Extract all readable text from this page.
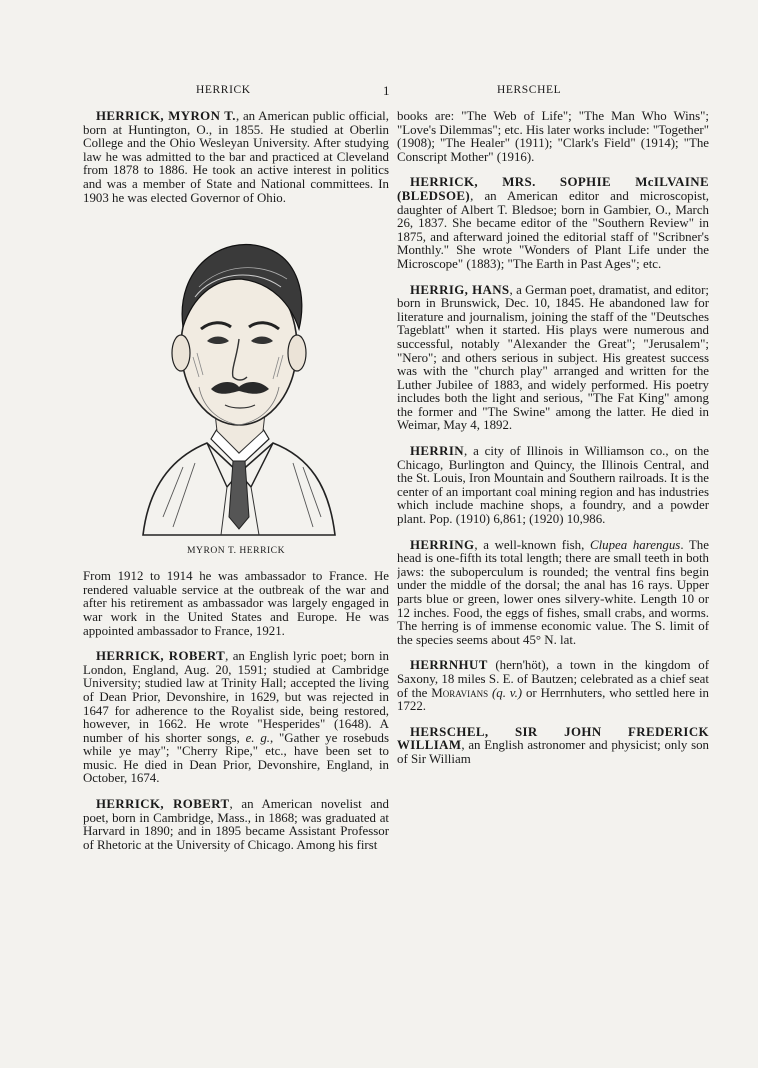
HERRICK	1	HERSCHEL

HERRICK, MYRON T., an American public official, born at Huntington, O., in 1855. He studied at Oberlin College and the Ohio Wesleyan University. After studying law he was admitted to the bar and practiced at Cleveland from 1878 to 1886. He took an active interest in politics and was a member of State and National committees. In 1903 he was elected Governor of Ohio.

MYRON T. HERRICK

From 1912 to 1914 he was ambassador to France. He rendered valuable service at the outbreak of the war and after his retirement as ambassador was largely engaged in war work in the United States and Europe. He was appointed ambassador to France, 1921.

HERRICK, ROBERT, an English lyric poet; born in London, England, Aug. 20, 1591; studied at Cambridge University; studied law at Trinity Hall; accepted the living of Dean Prior, Devonshire, in 1629, but was rejected in 1647 for adherence to the Royalist side, being restored, however, in 1662. He wrote "Hesperides" (1648). A number of his shorter songs, e. g., "Gather ye rosebuds while ye may"; "Cherry Ripe," etc., have been set to music. He died in Dean Prior, Devonshire, England, in October, 1674.

HERRICK, ROBERT, an American novelist and poet, born in Cambridge, Mass., in 1868; was graduated at Harvard in 1890; and in 1895 became Assistant Professor of Rhetoric at the University of Chicago. Among his first

books are: "The Web of Life"; "The Man Who Wins"; "Love's Dilemmas"; etc. His later works include: "Together" (1908); "The Healer" (1911); "Clark's Field" (1914); "The Conscript Mother" (1916).

HERRICK, MRS. SOPHIE McILVAINE (BLEDSOE), an American editor and microscopist, daughter of Albert T. Bledsoe; born in Gambier, O., March 26, 1837. She became editor of the "Southern Review" in 1875, and afterward joined the editorial staff of "Scribner's Monthly." She wrote "Wonders of Plant Life under the Microscope" (1883); "The Earth in Past Ages"; etc.

HERRIG, HANS, a German poet, dramatist, and editor; born in Brunswick, Dec. 10, 1845. He abandoned law for literature and journalism, joining the staff of the "Deutsches Tageblatt" when it started. His plays were numerous and successful, notably "Alexander the Great"; "Jerusalem"; "Nero"; and others serious in subject. His greatest success was with the "church play" arranged and written for the Luther Jubilee of 1883, and widely performed. His poetry includes both the light and serious, "The Fat King" among the former and "The Swine" among the latter. He died in Weimar, May 4, 1892.

HERRIN, a city of Illinois in Williamson co., on the Chicago, Burlington and Quincy, the Illinois Central, and the St. Louis, Iron Mountain and Southern railroads. It is the center of an important coal mining region and has industries which include machine shops, a foundry, and a powder plant. Pop. (1910) 6,861; (1920) 10,986.

HERRING, a well-known fish, Clupea harengus. The head is one-fifth its total length; there are small teeth in both jaws: the suboperculum is rounded; the ventral fins begin under the middle of the dorsal; the anal has 16 rays. Upper parts blue or green, lower ones silvery-white. Length 10 or 12 inches. Food, the eggs of fishes, small crabs, and worms. The herring is of immense economic value. The S. limit of the species seems about 45° N. lat.

HERRNHUT (hern'höt), a town in the kingdom of Saxony, 18 miles S. E. of Bautzen; celebrated as a chief seat of the Moravians (q. v.) or Herrnhuters, who settled here in 1722.

HERSCHEL, SIR JOHN FREDERICK WILLIAM, an English astronomer and physicist; only son of Sir William
